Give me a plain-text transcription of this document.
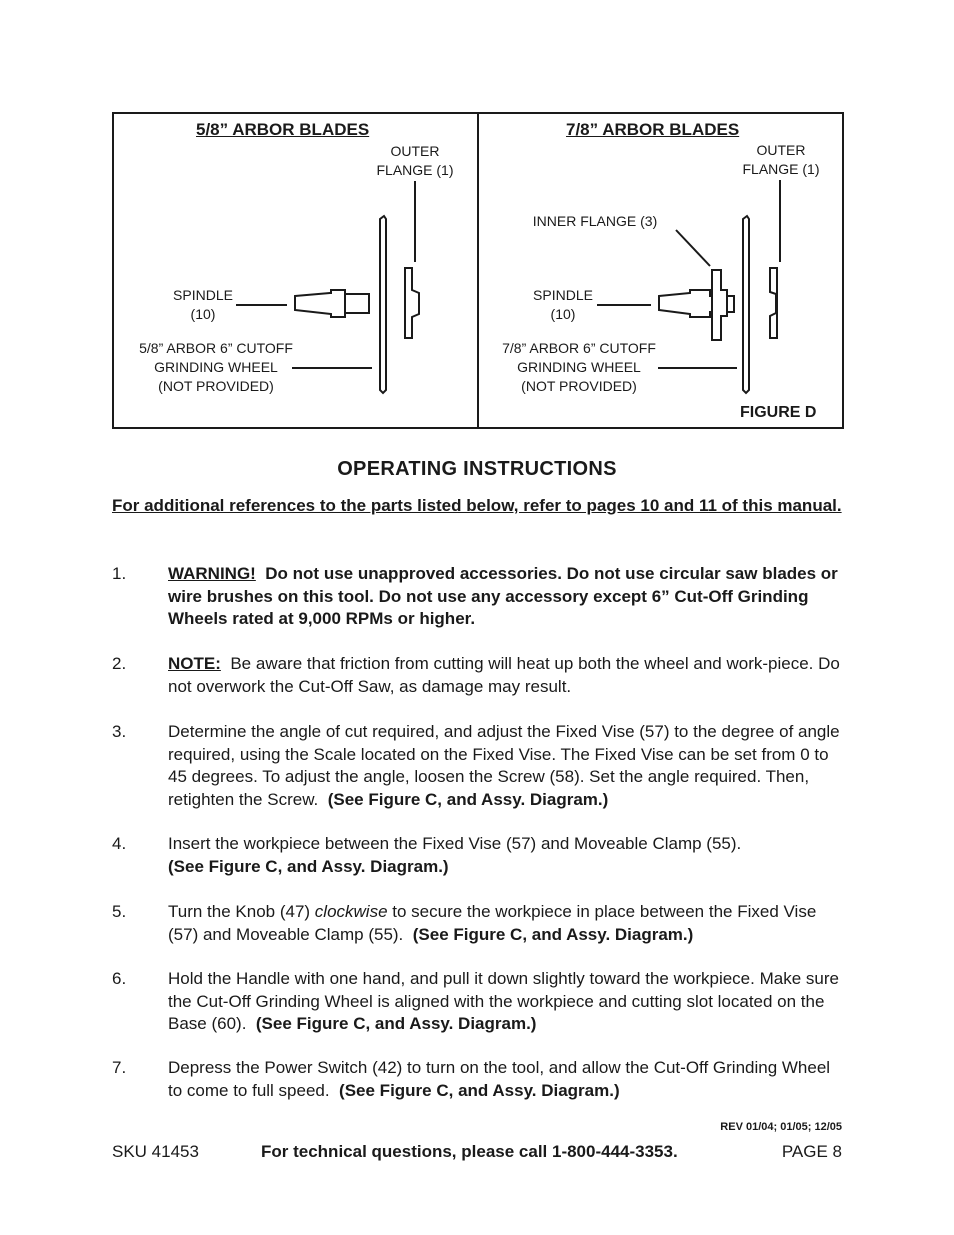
5/8” ARBOR BLADES
OUTER
FLANGE (1)
SPINDLE
(10)
5/8” ARBOR 6” CUTOFF
GRINDING WHEEL
(NOT PROVIDED)
7/8” ARBOR BLADES
OUTER
FLANGE (1)
INNER FLANGE (3)
SPINDLE
(10)
7/8” ARBOR 6” CUTOFF
GRINDING WHEEL
(NOT PROVIDED)
FIGURE D
OPERATING INSTRUCTIONS
For additional references to the parts listed below, refer to pages 10 and 11 of this manual.
1. WARNING! Do not use unapproved accessories. Do not use circular saw blades or wire brushes on this tool. Do not use any accessory except 6” Cut-Off Grinding Wheels rated at 9,000 RPMs or higher.
2. NOTE: Be aware that friction from cutting will heat up both the wheel and work-piece. Do not overwork the Cut-Off Saw, as damage may result.
3. Determine the angle of cut required, and adjust the Fixed Vise (57) to the degree of angle required, using the Scale located on the Fixed Vise. The Fixed Vise can be set from 0 to 45 degrees. To adjust the angle, loosen the Screw (58). Set the angle required. Then, retighten the Screw. (See Figure C, and Assy. Diagram.)
4. Insert the workpiece between the Fixed Vise (57) and Moveable Clamp (55).
(See Figure C, and Assy. Diagram.)
5. Turn the Knob (47) clockwise to secure the workpiece in place between the Fixed Vise (57) and Moveable Clamp (55). (See Figure C, and Assy. Diagram.)
6. Hold the Handle with one hand, and pull it down slightly toward the workpiece. Make sure the Cut-Off Grinding Wheel is aligned with the workpiece and cutting slot located on the Base (60). (See Figure C, and Assy. Diagram.)
7. Depress the Power Switch (42) to turn on the tool, and allow the Cut-Off Grinding Wheel to come to full speed. (See Figure C, and Assy. Diagram.)
REV 01/04; 01/05; 12/05
SKU 41453	For technical questions, please call 1-800-444-3353.	PAGE 8
